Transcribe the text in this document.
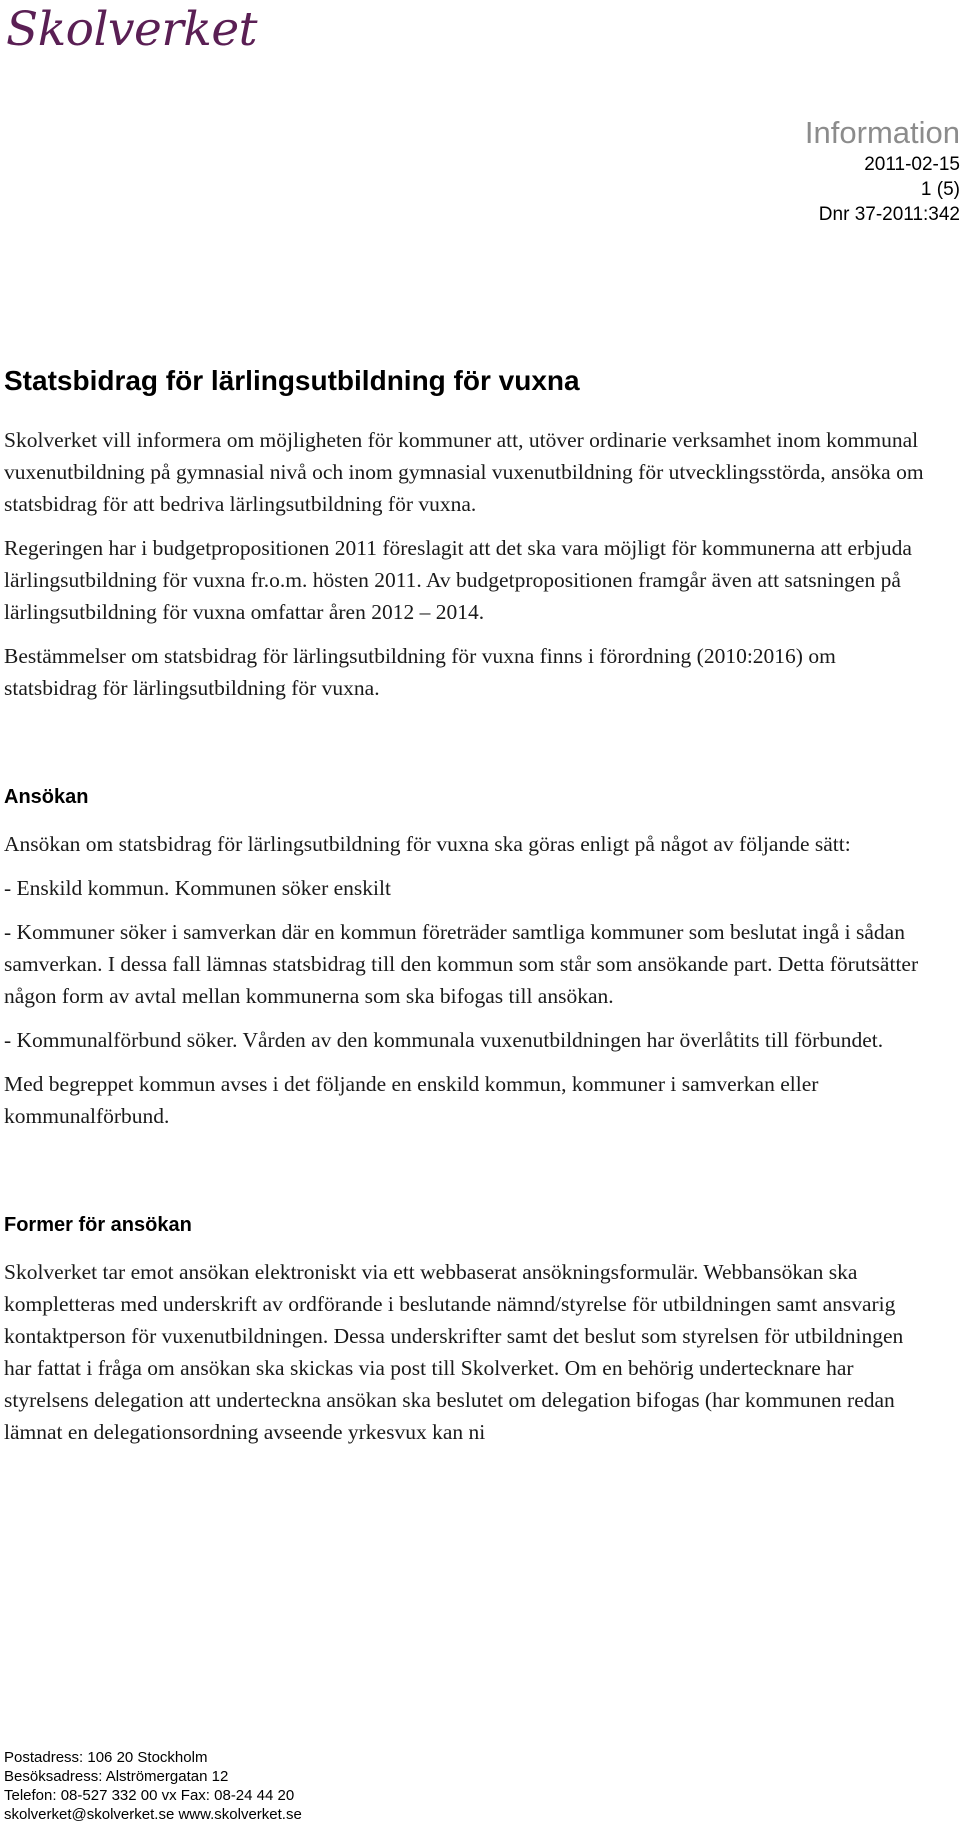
Skolverket
Information
2011-02-15
1 (5)
Dnr 37-2011:342
Statsbidrag för lärlingsutbildning för vuxna

Skolverket vill informera om möjligheten för kommuner att, utöver ordinarie verksamhet inom kommunal vuxenutbildning på gymnasial nivå och inom gymnasial vuxenutbildning för utvecklingsstörda, ansöka om statsbidrag för att bedriva lärlingsutbildning för vuxna.

Regeringen har i budgetpropositionen 2011 föreslagit att det ska vara möjligt för kommunerna att erbjuda lärlingsutbildning för vuxna fr.o.m. hösten 2011. Av budgetpropositionen framgår även att satsningen på lärlingsutbildning för vuxna omfattar åren 2012 – 2014.

Bestämmelser om statsbidrag för lärlingsutbildning för vuxna finns i förordning (2010:2016) om statsbidrag för lärlingsutbildning för vuxna.

Ansökan

Ansökan om statsbidrag för lärlingsutbildning för vuxna ska göras enligt på något av följande sätt:

- Enskild kommun. Kommunen söker enskilt

- Kommuner söker i samverkan där en kommun företräder samtliga kommuner som beslutat ingå i sådan samverkan. I dessa fall lämnas statsbidrag till den kommun som står som ansökande part. Detta förutsätter någon form av avtal mellan kommunerna som ska bifogas till ansökan.

- Kommunalförbund söker. Vården av den kommunala vuxenutbildningen har överlåtits till förbundet.

Med begreppet kommun avses i det följande en enskild kommun, kommuner i samverkan eller kommunalförbund.

Former för ansökan

Skolverket tar emot ansökan elektroniskt via ett webbaserat ansökningsformulär. Webbansökan ska kompletteras med underskrift av ordförande i beslutande nämnd/styrelse för utbildningen samt ansvarig kontaktperson för vuxenutbildningen. Dessa underskrifter samt det beslut som styrelsen för utbildningen har fattat i fråga om ansökan ska skickas via post till Skolverket. Om en behörig undertecknare har styrelsens delegation att underteckna ansökan ska beslutet om delegation bifogas (har kommunen redan lämnat en delegationsordning avseende yrkesvux kan ni

Postadress: 106 20 Stockholm
Besöksadress: Alströmergatan 12
Telefon: 08-527 332 00 vx Fax: 08-24 44 20
skolverket@skolverket.se www.skolverket.se
